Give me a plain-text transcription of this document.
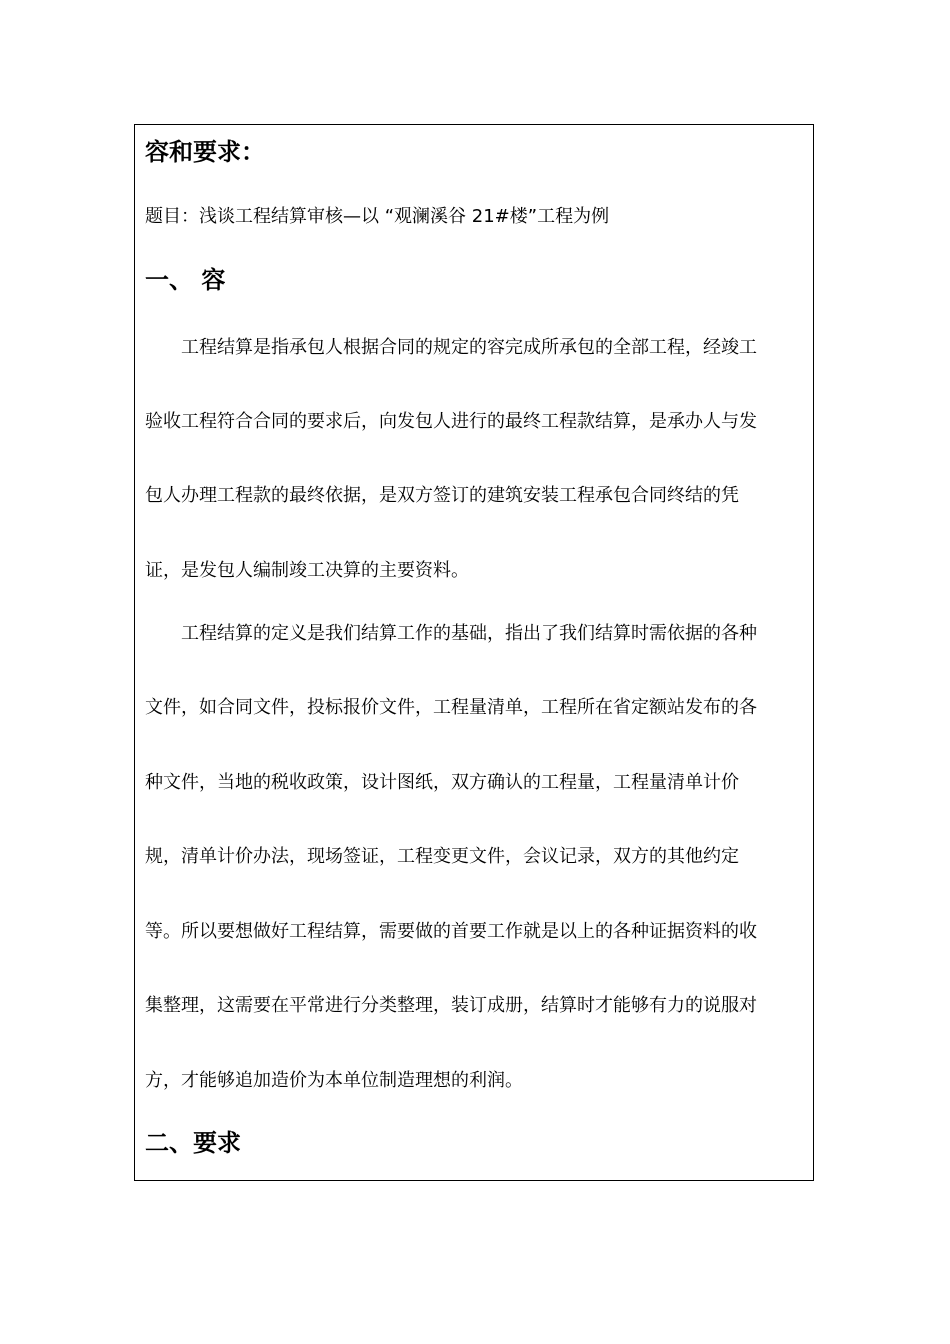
容和要求：
题目：浅谈工程结算审核—以 “观澜溪谷 21#楼”工程为例
一、 容
工程结算是指承包人根据合同的规定的容完成所承包的全部工程，经竣工
验收工程符合合同的要求后，向发包人进行的最终工程款结算，是承办人与发
包人办理工程款的最终依据，是双方签订的建筑安装工程承包合同终结的凭
证，是发包人编制竣工决算的主要资料。
工程结算的定义是我们结算工作的基础，指出了我们结算时需依据的各种
文件，如合同文件，投标报价文件，工程量清单，工程所在省定额站发布的各
种文件，当地的税收政策，设计图纸，双方确认的工程量，工程量清单计价
规，清单计价办法，现场签证，工程变更文件，会议记录，双方的其他约定
等。所以要想做好工程结算，需要做的首要工作就是以上的各种证据资料的收
集整理，这需要在平常进行分类整理，装订成册，结算时才能够有力的说服对
方，才能够追加造价为本单位制造理想的利润。
二、要求
